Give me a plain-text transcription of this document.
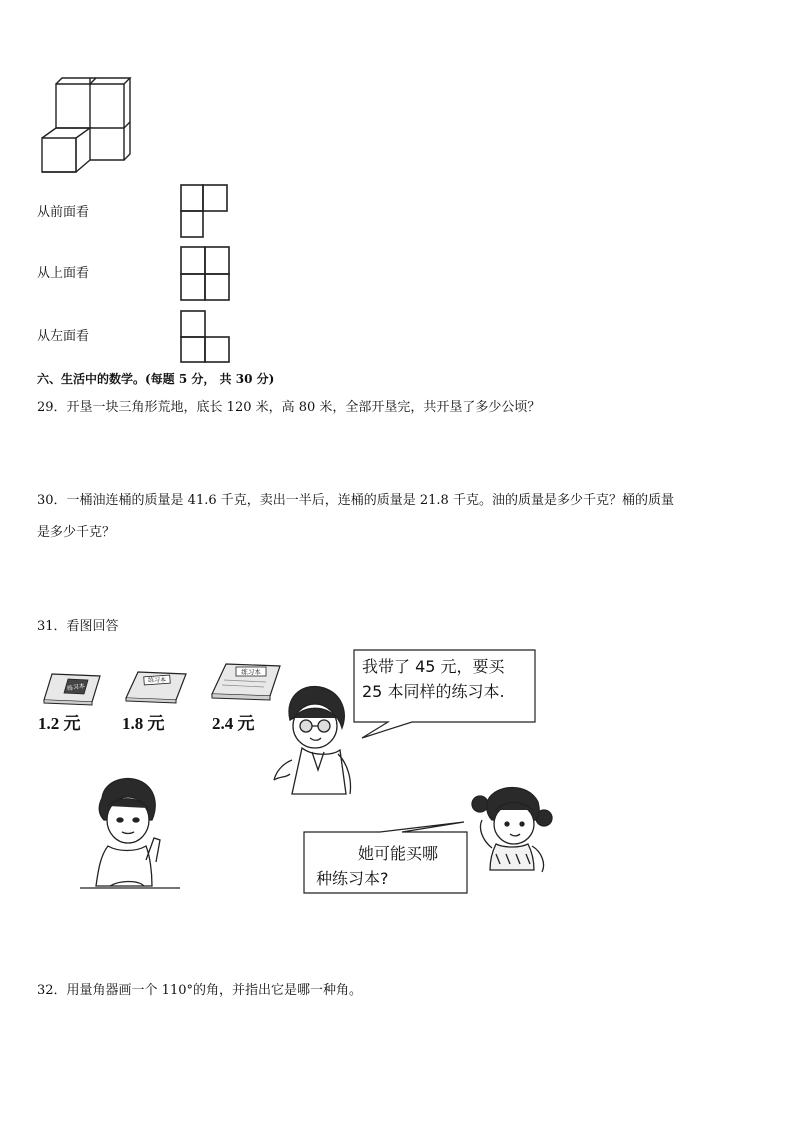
从前面看
从上面看
从左面看
六、生活中的数学。(每题 5 分， 共 30 分)
29．开垦一块三角形荒地，底长 120 米，高 80 米，全部开垦完，共开垦了多少公顷？
30．一桶油连桶的质量是 41.6 千克，卖出一半后，连桶的质量是 21.8 千克。油的质量是多少千克？桶的质量
是多少千克？
31．看图回答
练习本
1.2 元
练习本
1.8 元
练习本
2.4 元
我带了 45 元，要买
25 本同样的练习本.
她可能买哪
种练习本?
32．用量角器画一个 110°的角，并指出它是哪一种角。
